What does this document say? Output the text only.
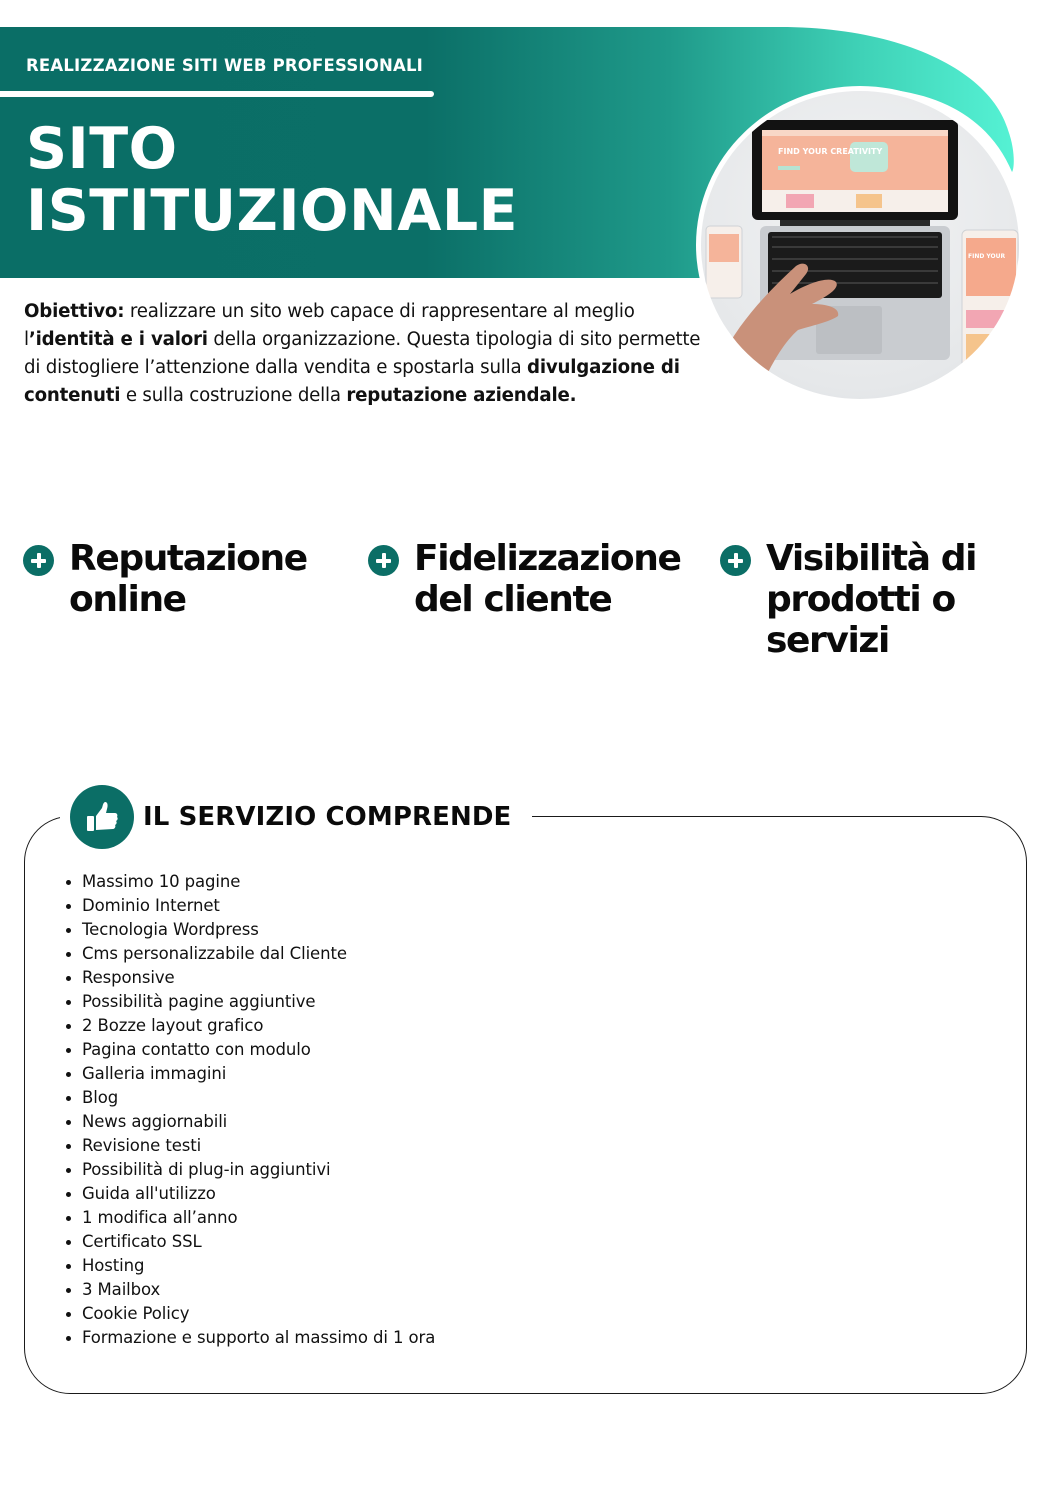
REALIZZAZIONE SITI WEB PROFESSIONALI
SITO
ISTITUZIONALE
FIND YOUR CREATIVITY
FIND YOUR

Obiettivo: realizzare un sito web capace di rappresentare al meglio l’identità e i valori della organizzazione. Questa tipologia di sito permette di distogliere l’attenzione dalla vendita e spostarla sulla divulgazione di contenuti e sulla costruzione della reputazione aziendale.

Reputazione
online
Fidelizzazione
del cliente
Visibilità di
prodotti o
servizi
IL SERVIZIO COMPRENDE
Massimo 10 pagine
Dominio Internet
Tecnologia Wordpress
Cms personalizzabile dal Cliente
Responsive
Possibilità pagine aggiuntive
2 Bozze layout grafico
Pagina contatto con modulo
Galleria immagini
Blog
News aggiornabili
Revisione testi
Possibilità di plug-in aggiuntivi
Guida all'utilizzo
1 modifica all’anno
Certificato SSL
Hosting
3 Mailbox
Cookie Policy
Formazione e supporto al massimo di 1 ora
